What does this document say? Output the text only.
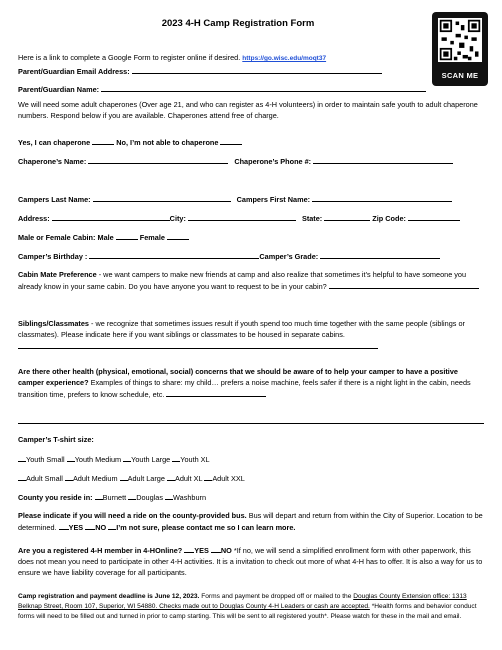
2023 4-H Camp Registration Form
SCAN ME
Here is a link to complete a Google Form to register online if desired. https://go.wisc.edu/moqt37
Parent/Guardian Email Address:
Parent/Guardian Name:
We will need some adult chaperones (Over age 21, and who can register as 4-H volunteers) in order to maintain safe youth to adult chaperone numbers. Respond below if you are available. Chaperones attend free of charge.
Yes, I can chaperone	No, I’m not able to chaperone
Chaperone’s Name:	Chaperone’s Phone #:
Campers Last Name:	Campers First Name:
Address:	City:	State:	Zip Code:
Male or Female Cabin: Male	Female
Camper’s Birthday :	Camper’s Grade:
Cabin Mate Preference - we want campers to make new friends at camp and also realize that sometimes it’s helpful to have someone you already know in your same cabin. Do you have anyone you want to request to be in your cabin?
Siblings/Classmates - we recognize that sometimes issues result if youth spend too much time together with the same people (siblings or classmates). Please indicate here if you want siblings or classmates to be housed in separate cabins.
Are there other health (physical, emotional, social) concerns that we should be aware of to help your camper to have a positive camper experience? Examples of things to share: my child… prefers a noise machine, feels safer if there is a night light in the cabin, needs transition time, prefers to know schedule, etc.
Camper’s T-shirt size:
Youth Small Youth Medium Youth Large Youth XL
Adult Small Adult Medium Adult Large Adult XL Adult XXL
County you reside in: Burnett Douglas Washburn
Please indicate if you will need a ride on the county-provided bus. Bus will depart and return from within the City of Superior. Location to be determined. YES NO I’m not sure, please contact me so I can learn more.
Are you a registered 4-H member in 4-HOnline? YES NO *If no, we will send a simplified enrollment form with other paperwork, this does not mean you need to participate in other 4-H activities. It is a invitation to check out more of what 4-H has to offer. It is also a way for us to ensure we have liability coverage for all participants.
Camp registration and payment deadline is June 12, 2023. Forms and payment be dropped off or mailed to the Douglas County Extension office: 1313 Belknap Street, Room 107, Superior, WI 54880. Checks made out to Douglas County 4-H Leaders or cash are accepted. *Health forms and behavior conduct forms will need to be filled out and turned in prior to camp starting. This will be sent to all registered youth*. Please watch for these in the mail and email.
